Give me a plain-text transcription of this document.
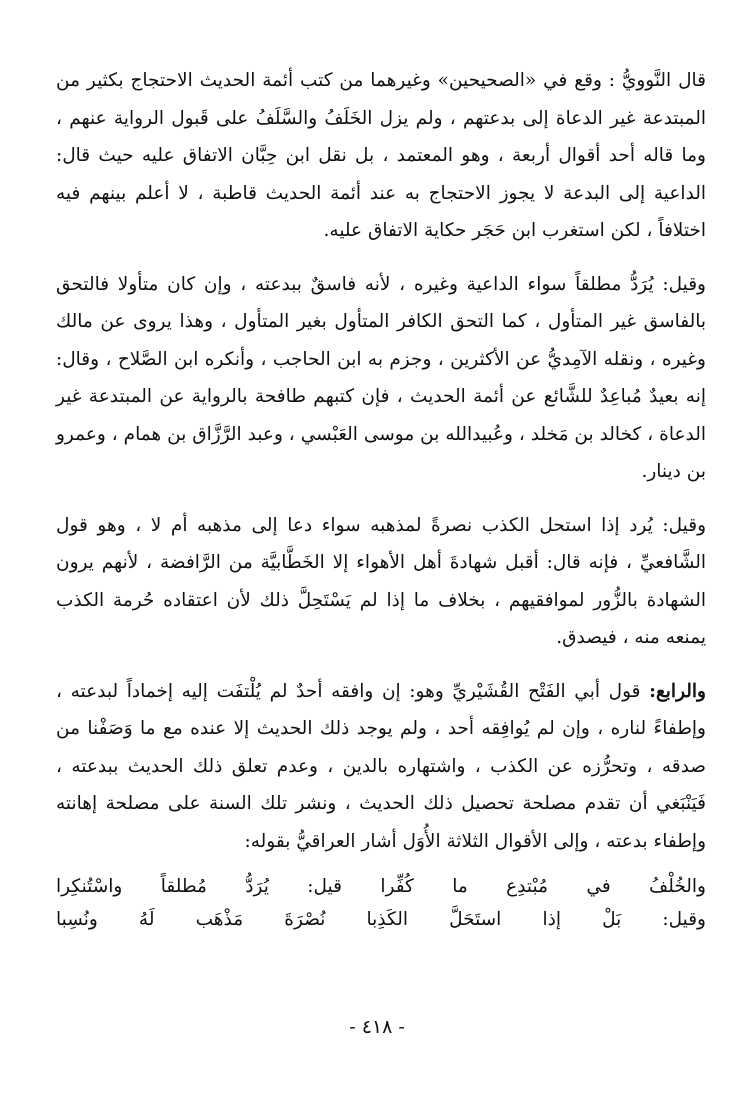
قال النَّوويُّ : وقع في «الصحيحين» وغيرهما من كتب أئمة الحديث الاحتجاج بكثير من المبتدعة غير الدعاة إلى بدعتهم ، ولم يزل الخَلَفُ والسَّلَفُ على قَبول الرواية عنهم ، وما قاله أحد أقوال أربعة ، وهو المعتمد ، بل نقل ابن حِبَّان الاتفاق عليه حيث قال: الداعية إلى البدعة لا يجوز الاحتجاج به عند أئمة الحديث قاطبة ، لا أعلم بينهم فيه اختلافاً ، لكن استغرب ابن حَجَر حكاية الاتفاق عليه.

وقيل: يُرَدُّ مطلقاً سواء الداعية وغيره ، لأنه فاسقٌ ببدعته ، وإن كان متأولا فالتحق بالفاسق غير المتأول ، كما التحق الكافر المتأول بغير المتأول ، وهذا يروى عن مالك وغيره ، ونقله الآمِديُّ عن الأكثرين ، وجزم به ابن الحاجب ، وأنكره ابن الصَّلاح ، وقال: إنه بعيدٌ مُباعِدٌ للشَّائع عن أئمة الحديث ، فإن كتبهم طافحة بالرواية عن المبتدعة غير الدعاة ، كخالد بن مَخلد ، وعُبيدالله بن موسى العَبْسي ، وعبد الرَّزَّاق بن همام ، وعمرو بن دينار.

وقيل: يُرد إذا استحل الكذب نصرةً لمذهبه سواء دعا إلى مذهبه أم لا ، وهو قول الشَّافعيِّ ، فإنه قال: أقبل شهادةَ أهل الأهواء إلا الخَطَّابيَّة من الرَّافضة ، لأنهم يرون الشهادة بالزُّور لموافقيهم ، بخلاف ما إذا لم يَسْتَحِلَّ ذلك لأن اعتقاده حُرمة الكذب يمنعه منه ، فيصدق.

والرابع: قول أبي الفَتْح القُشَيْريِّ وهو: إن وافقه أحدٌ لم يُلْتفَت إليه إخماداً لبدعته ، وإطفاءً لناره ، وإن لم يُوافِقه أحد ، ولم يوجد ذلك الحديث إلا عنده مع ما وَصَفْنا من صدقه ، وتحرُّزه عن الكذب ، واشتهاره بالدين ، وعدم تعلق ذلك الحديث ببدعته ، فَيَنْبَغي أن تقدم مصلحة تحصيل ذلك الحديث ، ونشر تلك السنة على مصلحة إهانته وإطفاء بدعته ، وإلى الأقوال الثلاثة الأُوَل أشار العراقيُّ بقوله:

والخُلْفُ في مُبْتدِع ما كُفِّرا قيل: يُرَدُّ مُطلقاً واسْتُنكِرا
وقيل: بَلْ إذا استَحَلَّ الكَذِبا نُصْرَةَ مَذْهَب لَهُ ونُسِبا
- ٤١٨ -
